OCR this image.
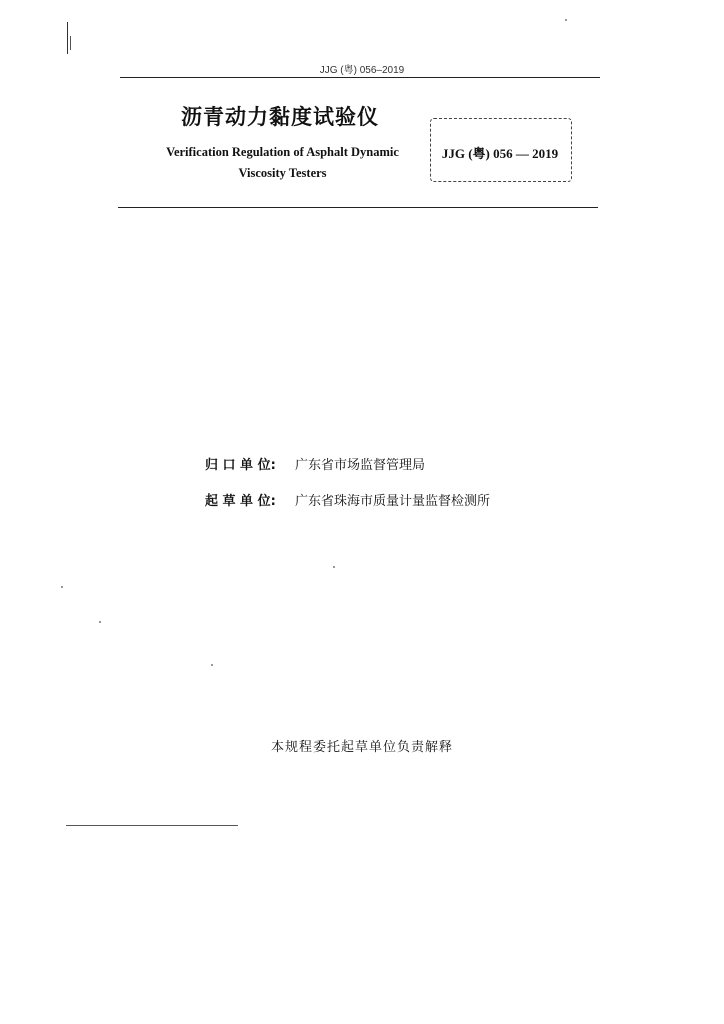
JJG (粤) 056–2019
沥青动力黏度试验仪
Verification Regulation of Asphalt Dynamic
Viscosity Testers
JJG (粤) 056 — 2019
归 口 单 位: 广东省市场监督管理局
起 草 单 位: 广东省珠海市质量计量监督检测所
本规程委托起草单位负责解释
